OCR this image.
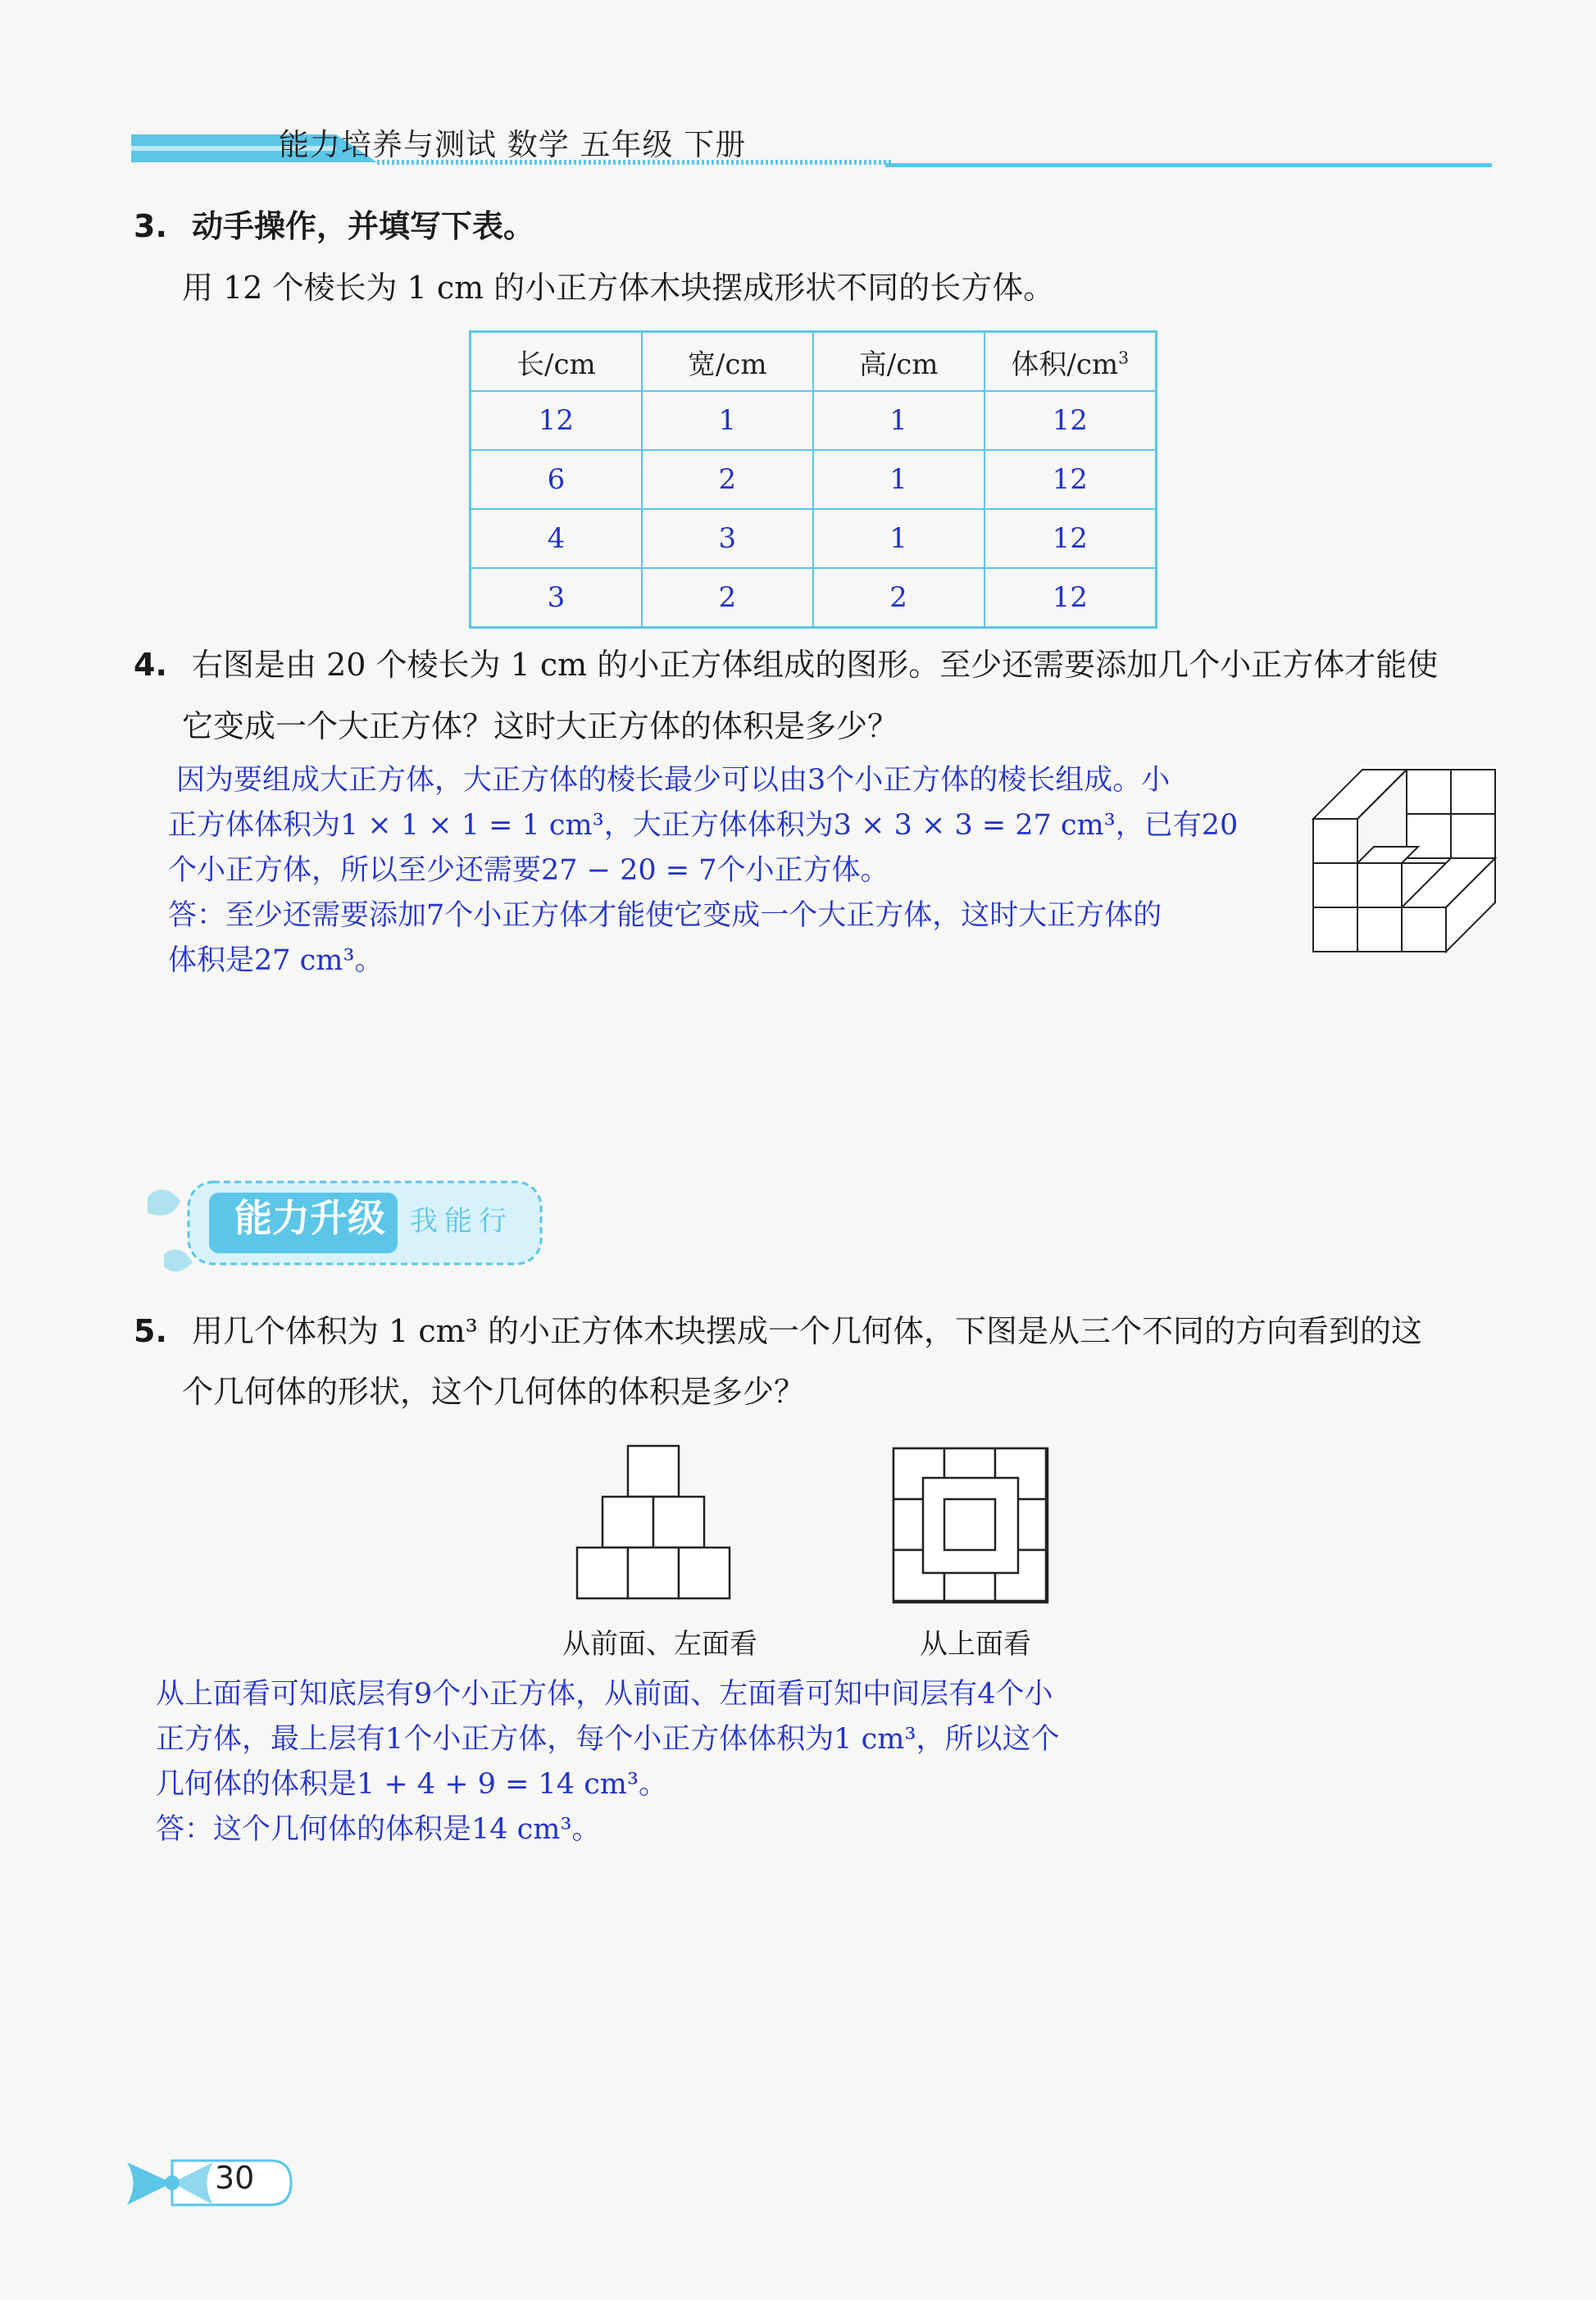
能力培养与测试 数学 五年级 下册
3. 动手操作，并填写下表。
用 12 个棱长为 1 cm 的小正方体木块摆成形状不同的长方体。
长/cm	宽/cm	高/cm	体积$/cm^3$
12	1	1	12
6	2	1	12
4	3	1	12
3	2	2	12
4. 右图是由 20 个棱长为 1 cm 的小正方体组成的图形。至少还需要添加几个小正方体才能使
它变成一个大正方体？这时大正方体的体积是多少？
因为要组成大正方体，大正方体的棱长最少可以由3个小正方体的棱长组成。小
正方体体积为1 × 1 × 1 = 1 cm³，大正方体体积为3 × 3 × 3 = 27 cm³，已有20
个小正方体，所以至少还需要27 − 20 = 7个小正方体。
答：至少还需要添加7个小正方体才能使它变成一个大正方体，这时大正方体的
体积是27 cm³。
能力升级 我能行
5. 用几个体积为 1 cm³ 的小正方体木块摆成一个几何体，下图是从三个不同的方向看到的这
个几何体的形状，这个几何体的体积是多少？
从前面、左面看	从上面看
从上面看可知底层有9个小正方体，从前面、左面看可知中间层有4个小
正方体，最上层有1个小正方体，每个小正方体体积为1 cm³，所以这个
几何体的体积是1 + 4 + 9 = 14 cm³。
答：这个几何体的体积是14 cm³。
30
